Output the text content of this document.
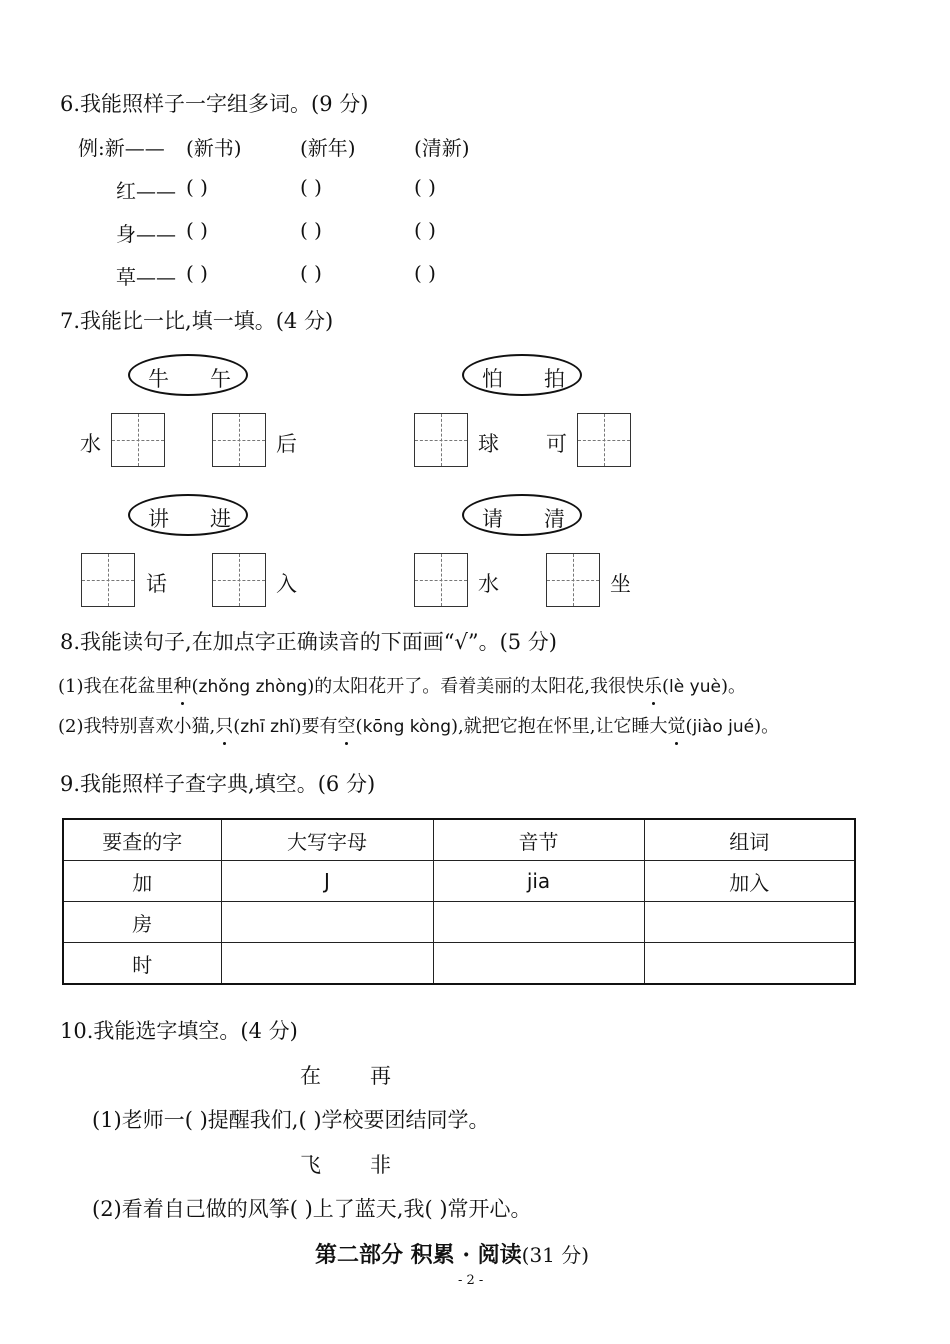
6.我能照样子一字组多词。(9 分)
例:新—— (新书)	(新年)	(清新)
红—— ( )	( )	( )
身—— ( )	( )	( )
草—— ( )	( )	( )
7.我能比一比,填一填。(4 分)
牛 午	怕 拍
水	后	球 可
讲 进	请 清
话	入	水	坐
8.我能读句子,在加点字正确读音的下面画“√”。(5 分)
(1)我在花盆里种(zhǒng zhòng)的太阳花开了。看着美丽的太阳花,我很快乐(lè yuè)。
(2)我特别喜欢小猫,只(zhī zhǐ)要有空(kōng kòng),就把它抱在怀里,让它睡大觉(jiào jué)。
9.我能照样子查字典,填空。(6 分)
要查的字	大写字母	音节	组词
加	J	jia	加入
房			
时			
10.我能选字填空。(4 分)
在 再
(1)老师一( )提醒我们,( )学校要团结同学。
飞 非
(2)看着自己做的风筝( )上了蓝天,我( )常开心。
第二部分 积累 · 阅读(31 分)
- 2 -
